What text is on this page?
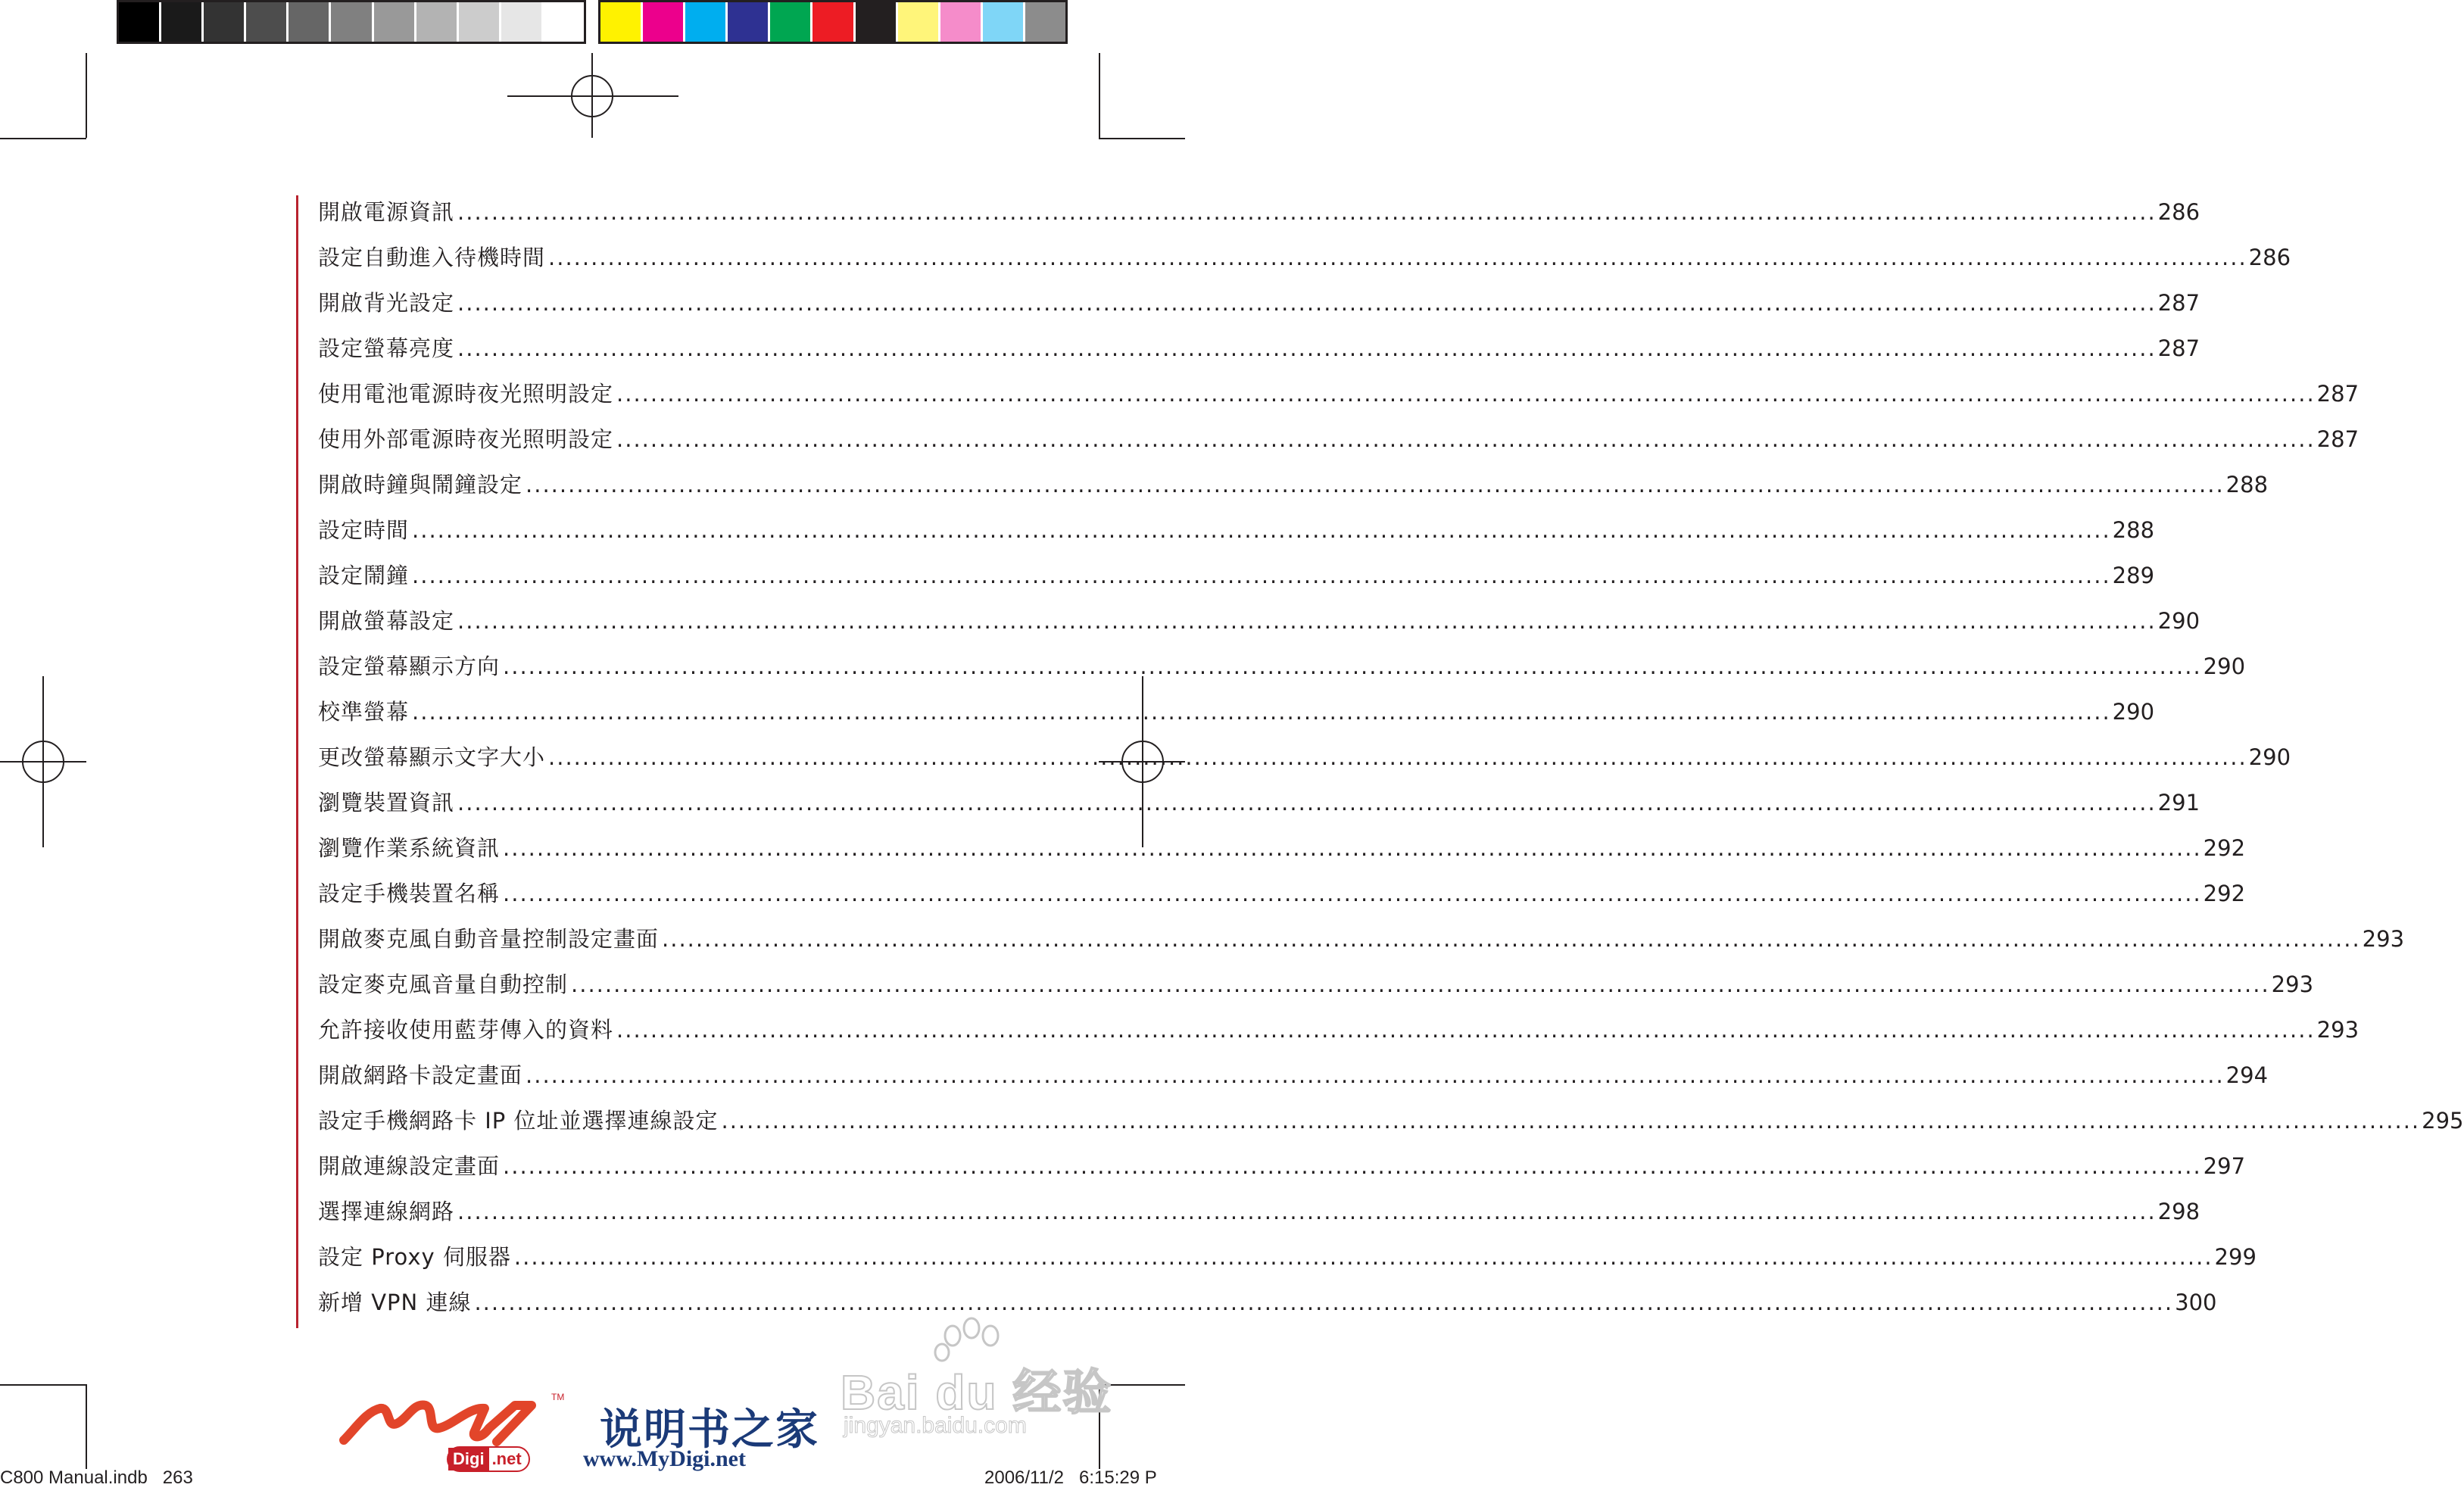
開啟電源資訊 ........................................................................................................................................................................................................ 286
設定自動進入待機時間 ........................................................................................................................................................................................................ 286
開啟背光設定 ........................................................................................................................................................................................................ 287
設定螢幕亮度 ........................................................................................................................................................................................................ 287
使用電池電源時夜光照明設定 ........................................................................................................................................................................................................ 287
使用外部電源時夜光照明設定 ........................................................................................................................................................................................................ 287
開啟時鐘與鬧鐘設定 ........................................................................................................................................................................................................ 288
設定時間 ........................................................................................................................................................................................................ 288
設定鬧鐘 ........................................................................................................................................................................................................ 289
開啟螢幕設定 ........................................................................................................................................................................................................ 290
設定螢幕顯示方向 ........................................................................................................................................................................................................ 290
校準螢幕 ........................................................................................................................................................................................................ 290
更改螢幕顯示文字大小 ........................................................................................................................................................................................................ 290
瀏覽裝置資訊 ........................................................................................................................................................................................................ 291
瀏覽作業系統資訊 ........................................................................................................................................................................................................ 292
設定手機裝置名稱 ........................................................................................................................................................................................................ 292
開啟麥克風自動音量控制設定畫面 ........................................................................................................................................................................................................ 293
設定麥克風音量自動控制 ........................................................................................................................................................................................................ 293
允許接收使用藍芽傳入的資料 ........................................................................................................................................................................................................ 293
開啟網路卡設定畫面 ........................................................................................................................................................................................................ 294
設定手機網路卡 IP 位址並選擇連線設定 ........................................................................................................................................................................................................ 295
開啟連線設定畫面 ........................................................................................................................................................................................................ 297
選擇連線網路 ........................................................................................................................................................................................................ 298
設定 Proxy 伺服器 ........................................................................................................................................................................................................ 299
新增 VPN 連線 ........................................................................................................................................................................................................ 300
TM
Digi .net
说明书之家
www.MyDigi.net
Bai du 经验
jingyan.baidu.com
C800 Manual.indb   263	2006/11/2   6:15:29 P
